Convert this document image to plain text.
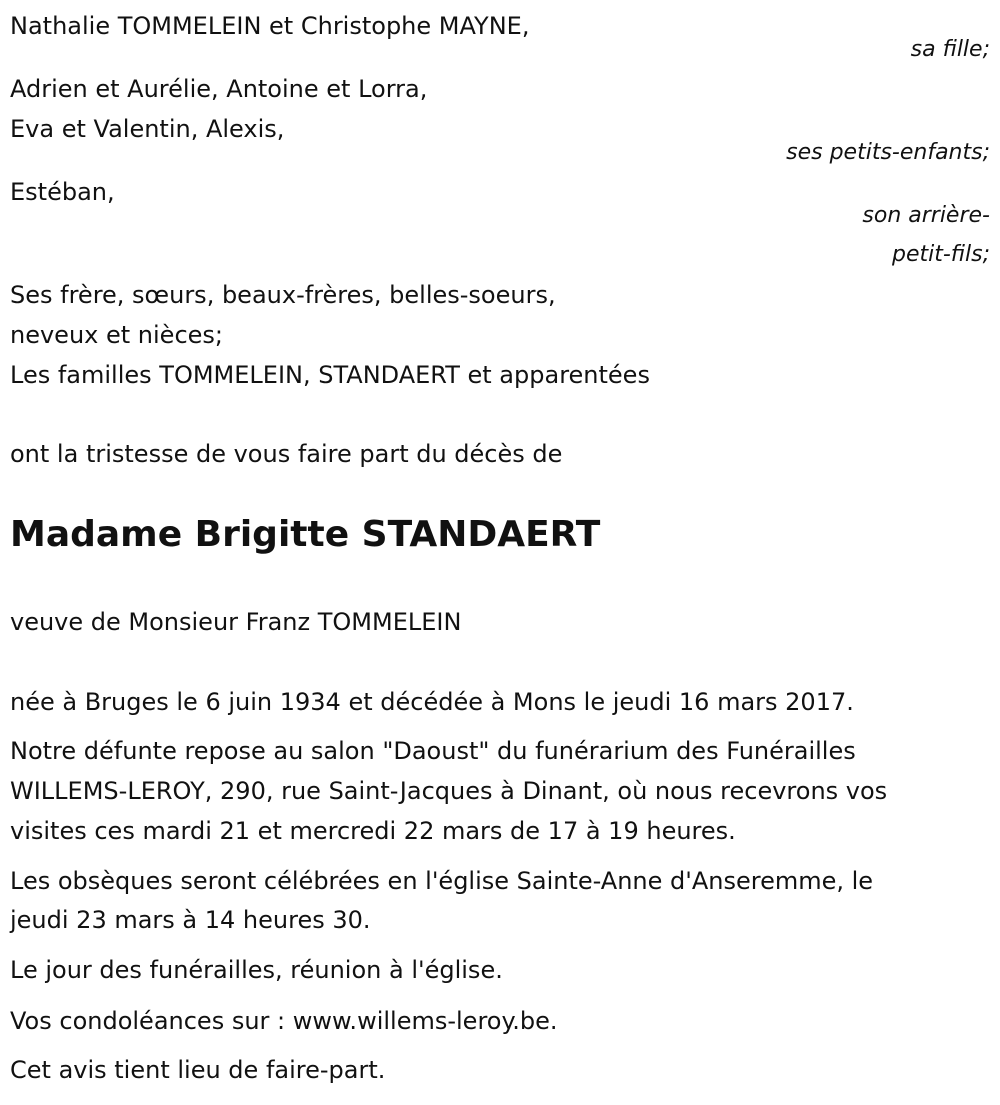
Nathalie TOMMELEIN et Christophe MAYNE,
sa fille;
Adrien et Aurélie, Antoine et Lorra,
Eva et Valentin, Alexis,
ses petits-enfants;
Estéban,
son arrière-
petit-fils;
Ses frère, sœurs, beaux-frères, belles-soeurs,
neveux et nièces;
Les familles TOMMELEIN, STANDAERT et apparentées
ont la tristesse de vous faire part du décès de
Madame Brigitte STANDAERT
veuve de Monsieur Franz TOMMELEIN
née à Bruges le 6 juin 1934 et décédée à Mons le jeudi 16 mars 2017.
Notre défunte repose au salon "Daoust" du funérarium des Funérailles
WILLEMS-LEROY, 290, rue Saint-Jacques à Dinant, où nous recevrons vos
visites ces mardi 21 et mercredi 22 mars de 17 à 19 heures.
Les obsèques seront célébrées en l'église Sainte-Anne d'Anseremme, le
jeudi 23 mars à 14 heures 30.
Le jour des funérailles, réunion à l'église.
Vos condoléances sur : www.willems-leroy.be.
Cet avis tient lieu de faire-part.
